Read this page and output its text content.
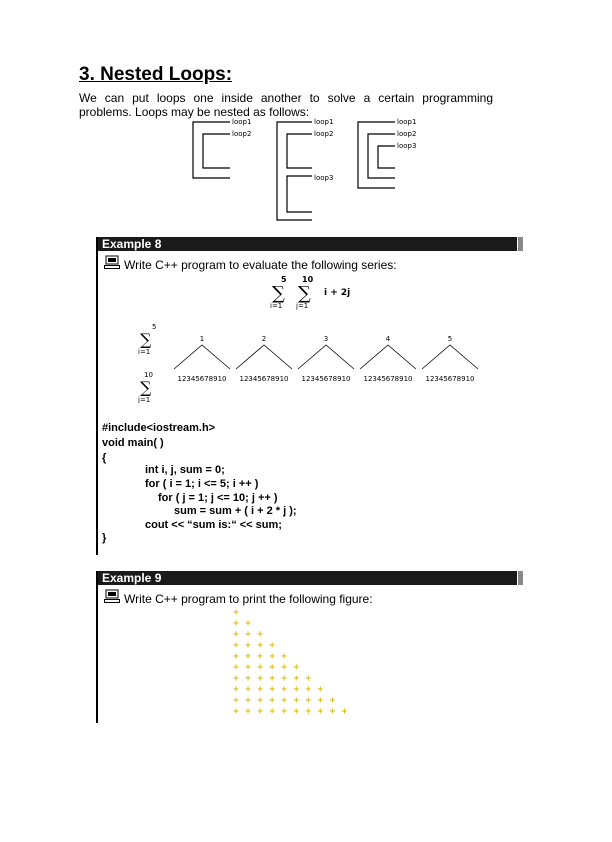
3. Nested Loops:
We can put loops one inside another to solve a certain programming problems. Loops may be nested as follows:
loop1
loop2
loop1
loop2
loop3
loop1
loop2
loop3
Example 8
Write C++ program to evaluate the following series:
5 10
∑ ∑
i=1 j=1
i + 2j
5
∑
i=1
10
∑
j=1
1	2	3	4	5
12345678910 12345678910 12345678910 12345678910 12345678910
#include<iostream.h>
void main( )
{
int i, j, sum = 0;
for ( i = 1; i <= 5; i ++ )
for ( j = 1; j <= 10; j ++ )
sum = sum + ( i + 2 * j );
cout << “sum is:“ << sum;
}
Example 9
Write C++ program to print the following figure:
+
+ +
+ + +
+ + + +
+ + + + +
+ + + + + +
+ + + + + + +
+ + + + + + + +
+ + + + + + + + +
+ + + + + + + + + +
